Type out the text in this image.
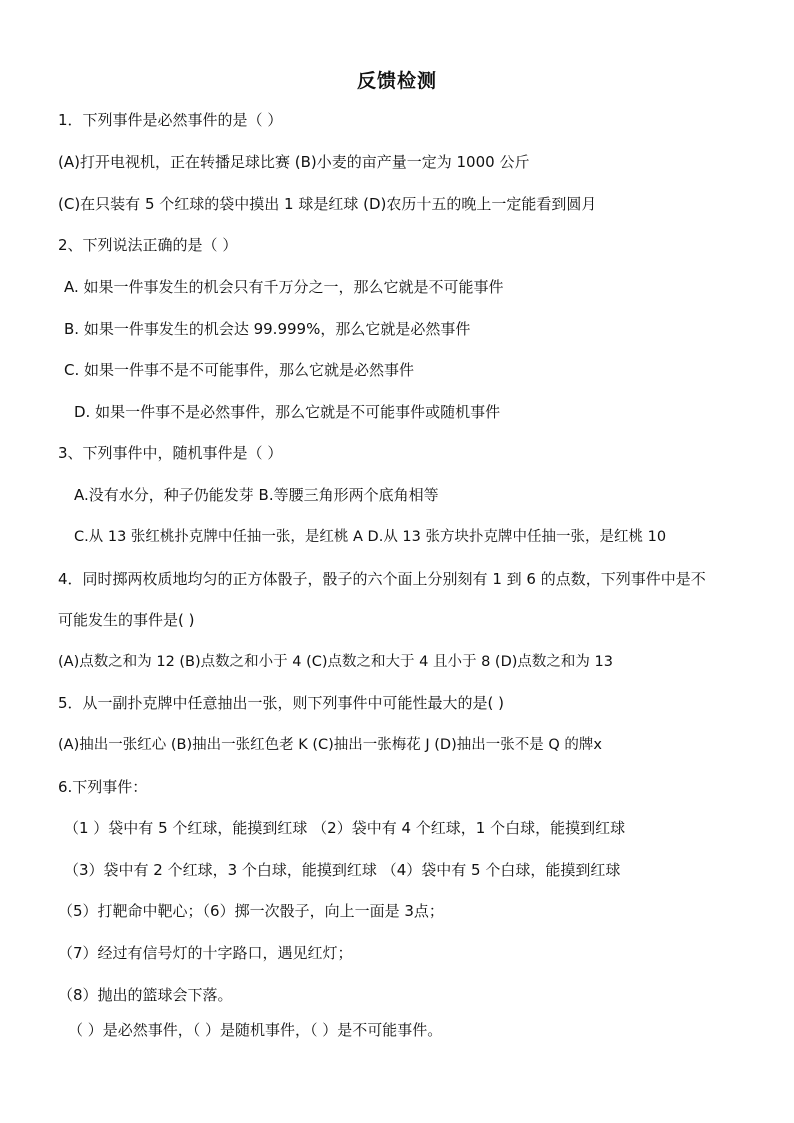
反馈检测
1．下列事件是必然事件的是（ ）
(A)打开电视机，正在转播足球比赛 (B)小麦的亩产量一定为 1000 公斤
(C)在只装有 5 个红球的袋中摸出 1 球是红球 (D)农历十五的晚上一定能看到圆月
2、下列说法正确的是（ ）
A. 如果一件事发生的机会只有千万分之一，那么它就是不可能事件
B. 如果一件事发生的机会达 99.999%，那么它就是必然事件
C. 如果一件事不是不可能事件，那么它就是必然事件
D. 如果一件事不是必然事件，那么它就是不可能事件或随机事件
3、下列事件中，随机事件是（ ）
A.没有水分，种子仍能发芽 B.等腰三角形两个底角相等
C.从 13 张红桃扑克牌中任抽一张，是红桃 A D.从 13 张方块扑克牌中任抽一张，是红桃 10
4．同时掷两枚质地均匀的正方体骰子，骰子的六个面上分别刻有 1 到 6 的点数，下列事件中是不
可能发生的事件是( )
(A)点数之和为 12 (B)点数之和小于 4 (C)点数之和大于 4 且小于 8 (D)点数之和为 13
5．从一副扑克牌中任意抽出一张，则下列事件中可能性最大的是( )
(A)抽出一张红心 (B)抽出一张红色老 K (C)抽出一张梅花 J (D)抽出一张不是 Q 的牌x
6.下列事件：
（1 ）袋中有 5 个红球，能摸到红球 （2）袋中有 4 个红球，1 个白球，能摸到红球
（3）袋中有 2 个红球，3 个白球，能摸到红球 （4）袋中有 5 个白球，能摸到红球
（5）打靶命中靶心；（6）掷一次骰子，向上一面是 3点；
（7）经过有信号灯的十字路口，遇见红灯；
（8）抛出的篮球会下落。
（ ）是必然事件，（ ）是随机事件，（ ）是不可能事件。
